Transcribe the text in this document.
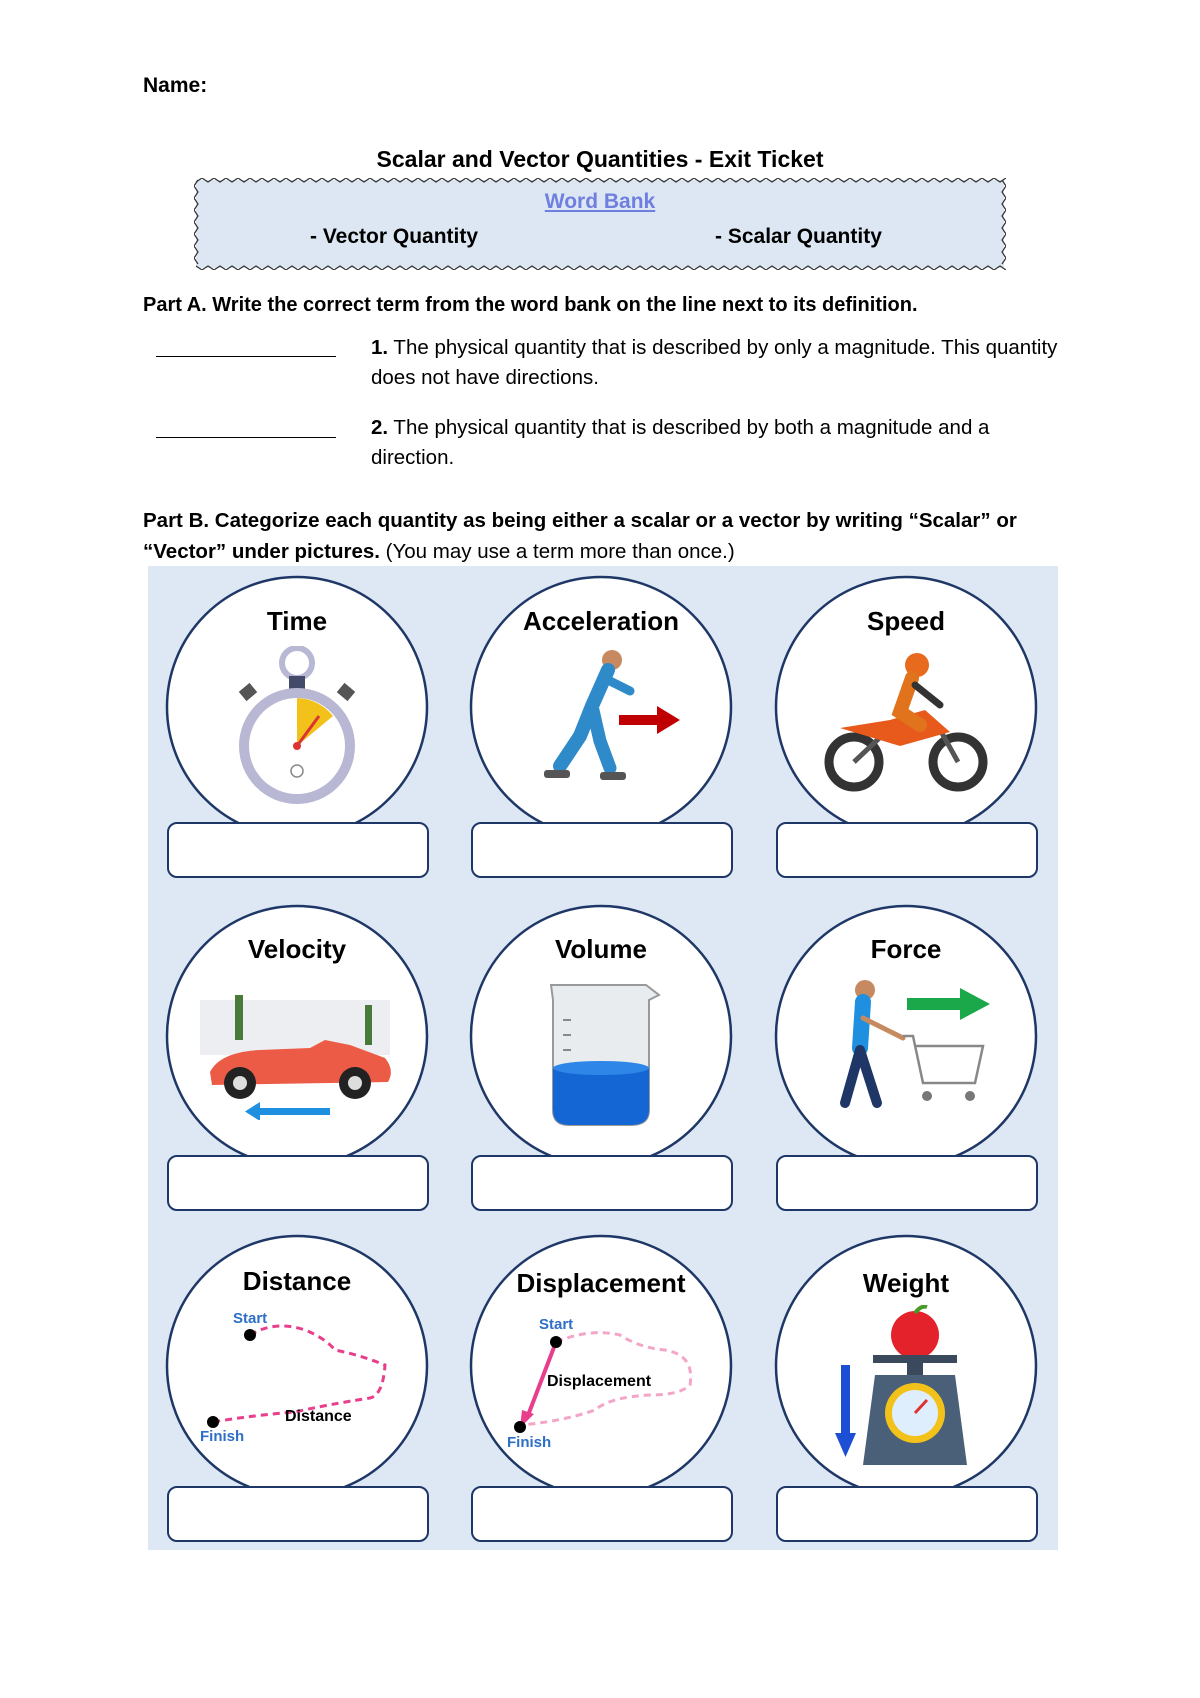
Name:
Scalar and Vector Quantities - Exit Ticket
Word Bank
- Vector Quantity	- Scalar Quantity
Part A. Write the correct term from the word bank on the line next to its definition.
1. The physical quantity that is described by only a magnitude. This quantity does not have directions.
2. The physical quantity that is described by both a magnitude and a direction.
Part B. Categorize each quantity as being either a scalar or a vector by writing “Scalar” or “Vector” under pictures. (You may use a term more than once.)
Time	Acceleration	Speed
Velocity	Volume	Force
Distance	Displacement	Weight
Start
Finish
Distance
Start
Finish
Displacement
